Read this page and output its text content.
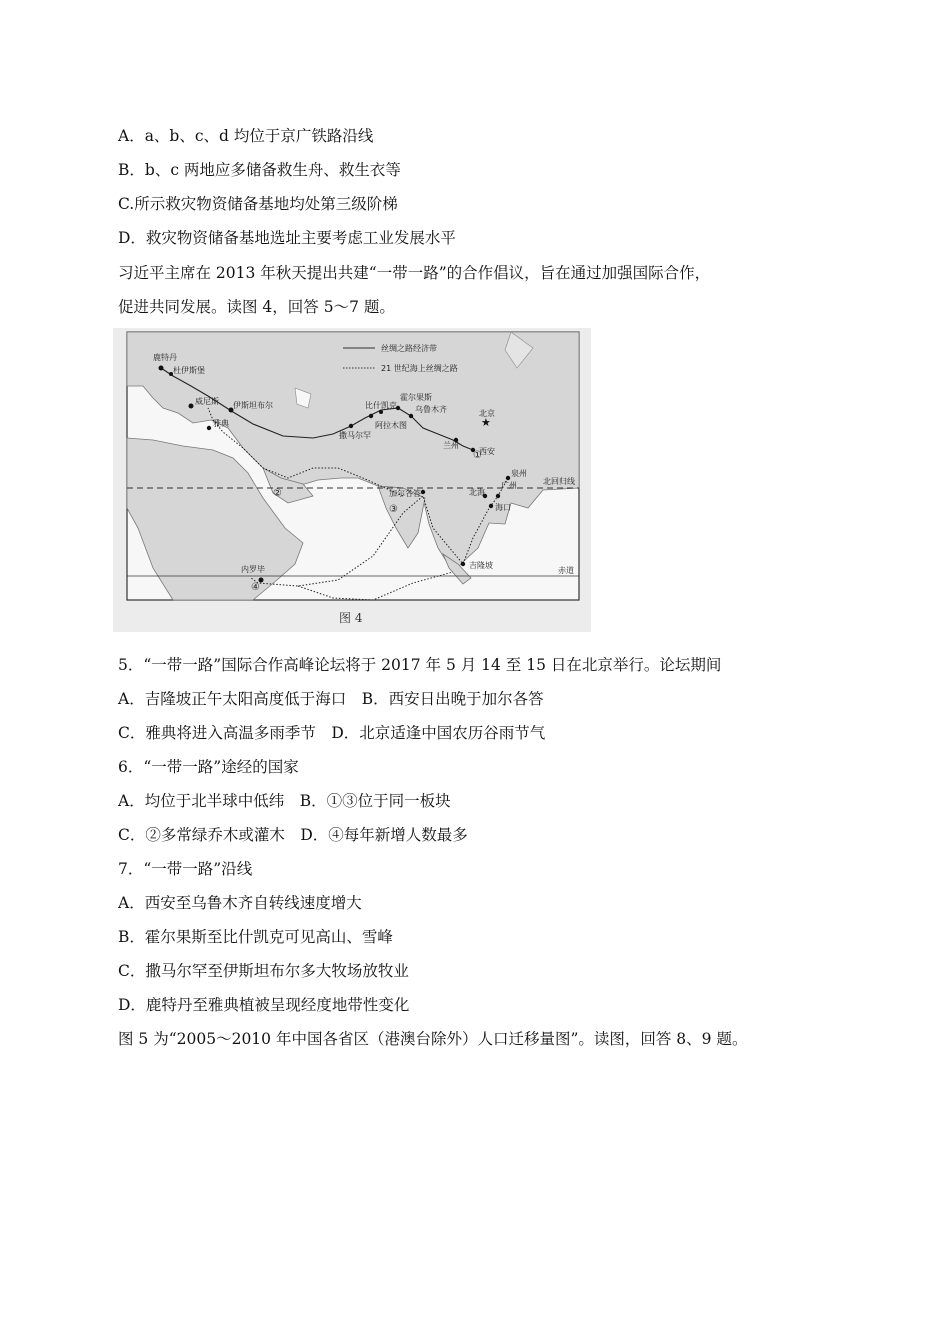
A．a、b、c、d 均位于京广铁路沿线
B．b、c 两地应多储备救生舟、救生衣等
C.所示救灾物资储备基地均处第三级阶梯
D．救灾物资储备基地选址主要考虑工业发展水平
习近平主席在 2013 年秋天提出共建“一带一路”的合作倡议，旨在通过加强国际合作，
促进共同发展。读图 4，回答 5～7 题。
北回归线
赤道
丝绸之路经济带
21 世纪海上丝绸之路
★
鹿特丹
杜伊斯堡
威尼斯 伊斯坦布尔
雅典
撒马尔罕
比什凯克
阿拉木图
霍尔果斯
乌鲁木齐	北京
兰州
西安
泉州
广州
北海
海口
加尔各答
吉隆坡
内罗毕
①
②
③
④
图 4
5．“一带一路”国际合作高峰论坛将于 2017 年 5 月 14 至 15 日在北京举行。论坛期间
A．吉隆坡正午太阳高度低于海口　B．西安日出晚于加尔各答
C．雅典将进入高温多雨季节　D．北京适逢中国农历谷雨节气
6．“一带一路”途经的国家
A．均位于北半球中低纬　B．①③位于同一板块
C．②多常绿乔木或灌木　D．④每年新增人数最多
7．“一带一路”沿线
A．西安至乌鲁木齐自转线速度增大
B．霍尔果斯至比什凯克可见高山、雪峰
C．撒马尔罕至伊斯坦布尔多大牧场放牧业
D．鹿特丹至雅典植被呈现经度地带性变化
图 5 为“2005～2010 年中国各省区（港澳台除外）人口迁移量图”。读图，回答 8、9 题。
